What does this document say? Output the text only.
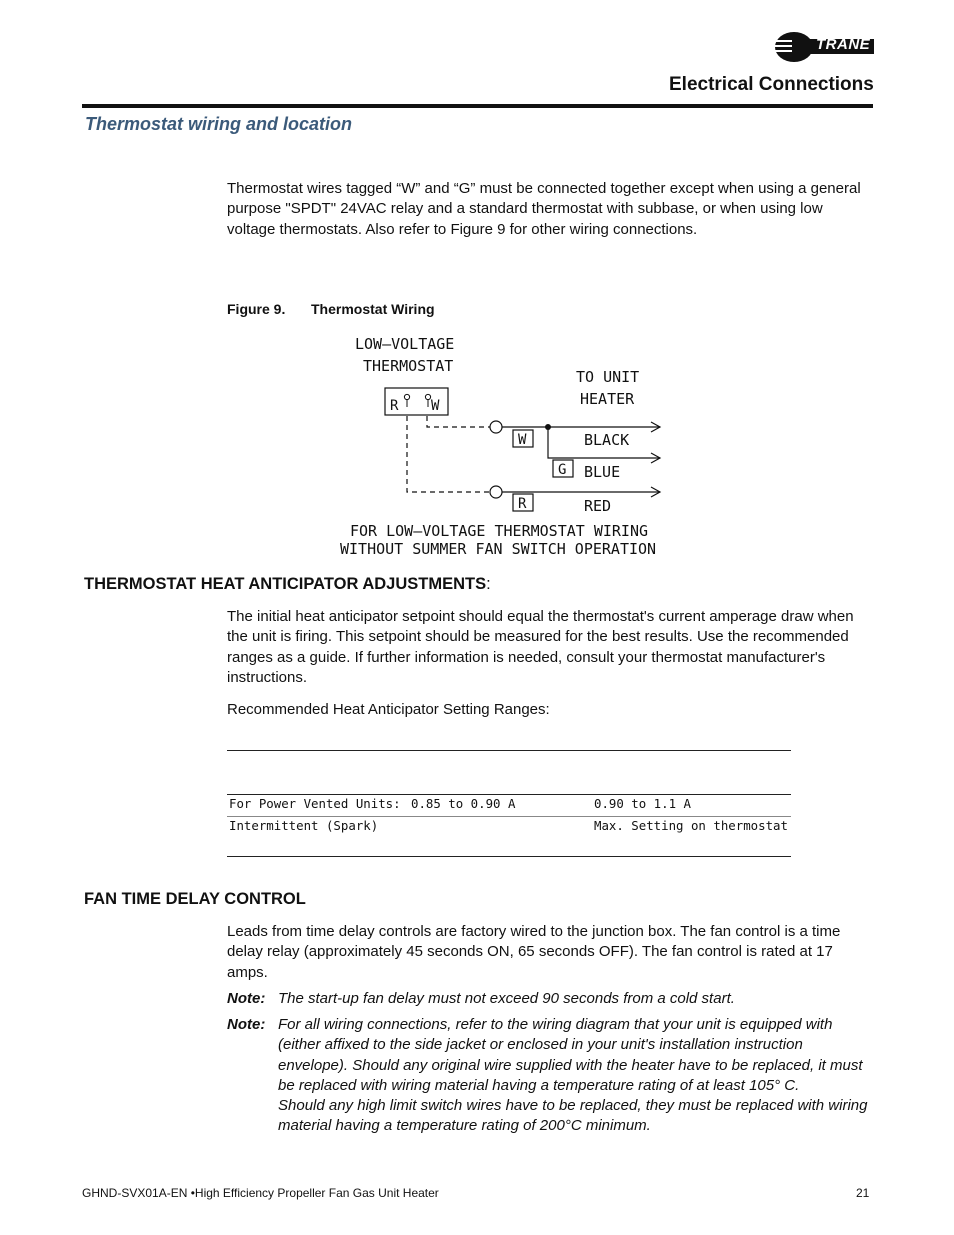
TRANE
Electrical Connections
Thermostat wiring and location

Thermostat wires tagged “W” and “G” must be connected together except when using a general purpose "SPDT" 24VAC relay and a standard thermostat with subbase, or when using low voltage thermostats. Also refer to Figure 9 for other wiring connections.

Figure 9. Thermostat Wiring
LOW—VOLTAGE
THERMOSTAT
TO UNIT
HEATER
R W
W
G
R
BLACK
BLUE
RED
FOR LOW—VOLTAGE THERMOSTAT WIRING
WITHOUT SUMMER FAN SWITCH OPERATION
THERMOSTAT HEAT ANTICIPATOR ADJUSTMENTS:

The initial heat anticipator setpoint should equal the thermostat's current amperage draw when the unit is firing. This setpoint should be measured for the best results. Use the recommended ranges as a guide. If further information is needed, consult your thermostat manufacturer's instructions.

Recommended Heat Anticipator Setting Ranges:

For Power Vented Units: 0.85 to 0.90 A	0.90 to 1.1 A
Intermittent (Spark)	Max. Setting on thermostat
FAN TIME DELAY CONTROL

Leads from time delay controls are factory wired to the junction box. The fan control is a time delay relay (approximately 45 seconds ON, 65 seconds OFF). The fan control is rated at 17 amps.

Note: The start-up fan delay must not exceed 90 seconds from a cold start.

Note: For all wiring connections, refer to the wiring diagram that your unit is equipped with (either affixed to the side jacket or enclosed in your unit's installation instruction envelope). Should any original wire supplied with the heater have to be replaced, it must be replaced with wiring material having a temperature rating of at least 105° C.

Should any high limit switch wires have to be replaced, they must be replaced with wiring material having a temperature rating of 200°C minimum.

GHND-SVX01A-EN •High Efficiency Propeller Fan Gas Unit Heater	21
